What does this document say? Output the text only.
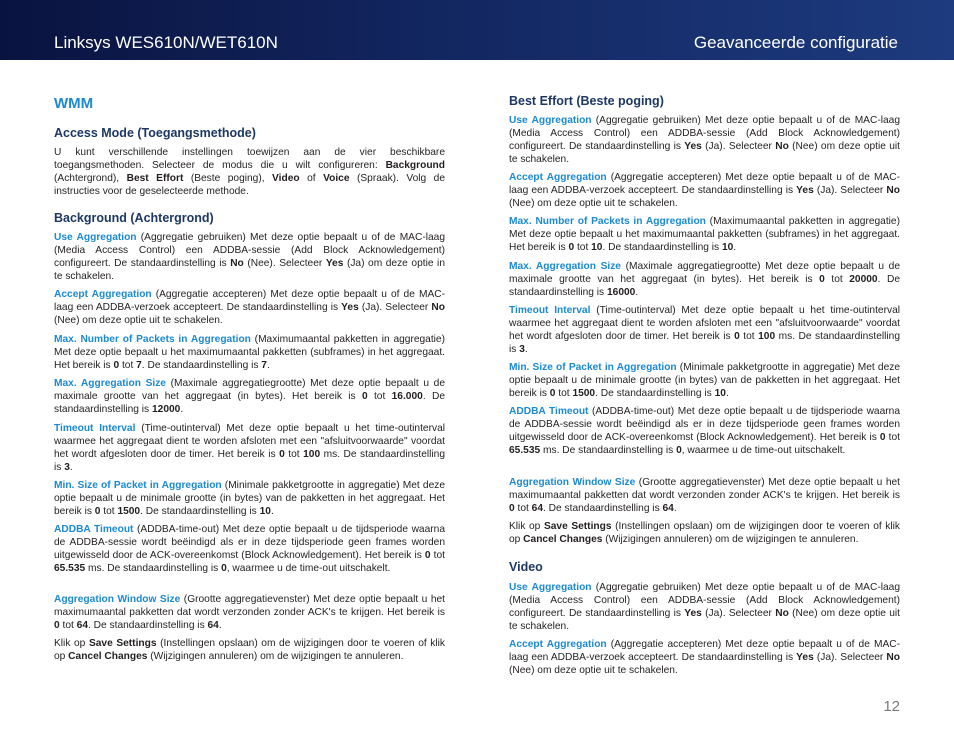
Linksys WES610N/WET610N	Geavanceerde configuratie
WMM
Access Mode (Toegangsmethode)

U kunt verschillende instellingen toewijzen aan de vier beschikbare toegangsmethoden. Selecteer de modus die u wilt configureren: Background (Achtergrond), Best Effort (Beste poging), Video of Voice (Spraak). Volg de instructies voor de geselecteerde methode.

Background (Achtergrond)

Use Aggregation (Aggregatie gebruiken) Met deze optie bepaalt u of de MAC-laag (Media Access Control) een ADDBA-sessie (Add Block Acknowledgement) configureert. De standaardinstelling is No (Nee). Selecteer Yes (Ja) om deze optie in te schakelen.

Accept Aggregation (Aggregatie accepteren) Met deze optie bepaalt u of de MAC-laag een ADDBA-verzoek accepteert. De standaardinstelling is Yes (Ja). Selecteer No (Nee) om deze optie uit te schakelen.

Max. Number of Packets in Aggregation (Maximumaantal pakketten in aggregatie) Met deze optie bepaalt u het maximumaantal pakketten (subframes) in het aggregaat. Het bereik is 0 tot 7. De standaardinstelling is 7.

Max. Aggregation Size (Maximale aggregatiegrootte) Met deze optie bepaalt u de maximale grootte van het aggregaat (in bytes). Het bereik is 0 tot 16.000. De standaardinstelling is 12000.

Timeout Interval (Time-outinterval) Met deze optie bepaalt u het time-outinterval waarmee het aggregaat dient te worden afsloten met een "afsluitvoorwaarde" voordat het wordt afgesloten door de timer. Het bereik is 0 tot 100 ms. De standaardinstelling is 3.

Min. Size of Packet in Aggregation (Minimale pakketgrootte in aggregatie) Met deze optie bepaalt u de minimale grootte (in bytes) van de pakketten in het aggregaat. Het bereik is 0 tot 1500. De standaardinstelling is 10.

ADDBA Timeout (ADDBA-time-out) Met deze optie bepaalt u de tijdsperiode waarna de ADDBA-sessie wordt beëindigd als er in deze tijdsperiode geen frames worden uitgewisseld door de ACK-overeenkomst (Block Acknowledgement). Het bereik is 0 tot 65.535 ms. De standaardinstelling is 0, waarmee u de time-out uitschakelt.

Aggregation Window Size (Grootte aggregatievenster) Met deze optie bepaalt u het maximumaantal pakketten dat wordt verzonden zonder ACK's te krijgen. Het bereik is 0 tot 64. De standaardinstelling is 64.

Klik op Save Settings (Instellingen opslaan) om de wijzigingen door te voeren of klik op Cancel Changes (Wijzigingen annuleren) om de wijzigingen te annuleren.

Best Effort (Beste poging)

Use Aggregation (Aggregatie gebruiken) Met deze optie bepaalt u of de MAC-laag (Media Access Control) een ADDBA-sessie (Add Block Acknowledgement) configureert. De standaardinstelling is Yes (Ja). Selecteer No (Nee) om deze optie uit te schakelen.

Accept Aggregation (Aggregatie accepteren) Met deze optie bepaalt u of de MAC-laag een ADDBA-verzoek accepteert. De standaardinstelling is Yes (Ja). Selecteer No (Nee) om deze optie uit te schakelen.

Max. Number of Packets in Aggregation (Maximumaantal pakketten in aggregatie) Met deze optie bepaalt u het maximumaantal pakketten (subframes) in het aggregaat. Het bereik is 0 tot 10. De standaardinstelling is 10.

Max. Aggregation Size (Maximale aggregatiegrootte) Met deze optie bepaalt u de maximale grootte van het aggregaat (in bytes). Het bereik is 0 tot 20000. De standaardinstelling is 16000.

Timeout Interval (Time-outinterval) Met deze optie bepaalt u het time-outinterval waarmee het aggregaat dient te worden afsloten met een "afsluitvoorwaarde" voordat het wordt afgesloten door de timer. Het bereik is 0 tot 100 ms. De standaardinstelling is 3.

Min. Size of Packet in Aggregation (Minimale pakketgrootte in aggregatie) Met deze optie bepaalt u de minimale grootte (in bytes) van de pakketten in het aggregaat. Het bereik is 0 tot 1500. De standaardinstelling is 10.

ADDBA Timeout (ADDBA-time-out) Met deze optie bepaalt u de tijdsperiode waarna de ADDBA-sessie wordt beëindigd als er in deze tijdsperiode geen frames worden uitgewisseld door de ACK-overeenkomst (Block Acknowledgement). Het bereik is 0 tot 65.535 ms. De standaardinstelling is 0, waarmee u de time-out uitschakelt.

Aggregation Window Size (Grootte aggregatievenster) Met deze optie bepaalt u het maximumaantal pakketten dat wordt verzonden zonder ACK's te krijgen. Het bereik is 0 tot 64. De standaardinstelling is 64.

Klik op Save Settings (Instellingen opslaan) om de wijzigingen door te voeren of klik op Cancel Changes (Wijzigingen annuleren) om de wijzigingen te annuleren.

Video

Use Aggregation (Aggregatie gebruiken) Met deze optie bepaalt u of de MAC-laag (Media Access Control) een ADDBA-sessie (Add Block Acknowledgement) configureert. De standaardinstelling is Yes (Ja). Selecteer No (Nee) om deze optie uit te schakelen.

Accept Aggregation (Aggregatie accepteren) Met deze optie bepaalt u of de MAC-laag een ADDBA-verzoek accepteert. De standaardinstelling is Yes (Ja). Selecteer No (Nee) om deze optie uit te schakelen.

12
